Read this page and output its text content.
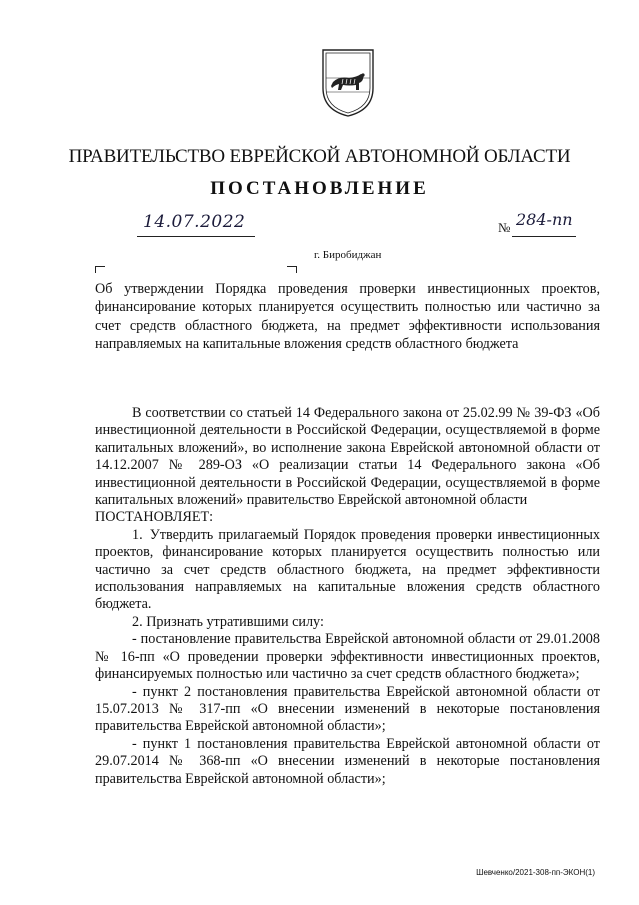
ПРАВИТЕЛЬСТВО ЕВРЕЙСКОЙ АВТОНОМНОЙ ОБЛАСТИ
ПОСТАНОВЛЕНИЕ
14.07.2022	№ 284-пп
г. Биробиджан
Об утверждении Порядка проведения проверки инвестиционных проектов, финансирование которых планируется осуществить полностью или частично за счет средств областного бюджета, на предмет эффективности использования направляемых на капитальные вложения средств областного бюджета

В соответствии со статьей 14 Федерального закона от 25.02.99 № 39-ФЗ «Об инвестиционной деятельности в Российской Федерации, осуществляемой в форме капитальных вложений», во исполнение закона Еврейской автономной области от 14.12.2007 № 289-ОЗ «О реализации статьи 14 Федерального закона «Об инвестиционной деятельности в Российской Федерации, осуществляемой в форме капитальных вложений» правительство Еврейской автономной области

ПОСТАНОВЛЯЕТ:

1. Утвердить прилагаемый Порядок проведения проверки инвестиционных проектов, финансирование которых планируется осуществить полностью или частично за счет средств областного бюджета, на предмет эффективности использования направляемых на капитальные вложения средств областного бюджета.

2. Признать утратившими силу:

- постановление правительства Еврейской автономной области от 29.01.2008 № 16-пп «О проведении проверки эффективности инвестиционных проектов, финансируемых полностью или частично за счет средств областного бюджета»;

- пункт 2 постановления правительства Еврейской автономной области от 15.07.2013 № 317-пп «О внесении изменений в некоторые постановления правительства Еврейской автономной области»;

- пункт 1 постановления правительства Еврейской автономной области от 29.07.2014 № 368-пп «О внесении изменений в некоторые постановления правительства Еврейской автономной области»;

Шевченко/2021-308-пп-ЭКОН(1)
